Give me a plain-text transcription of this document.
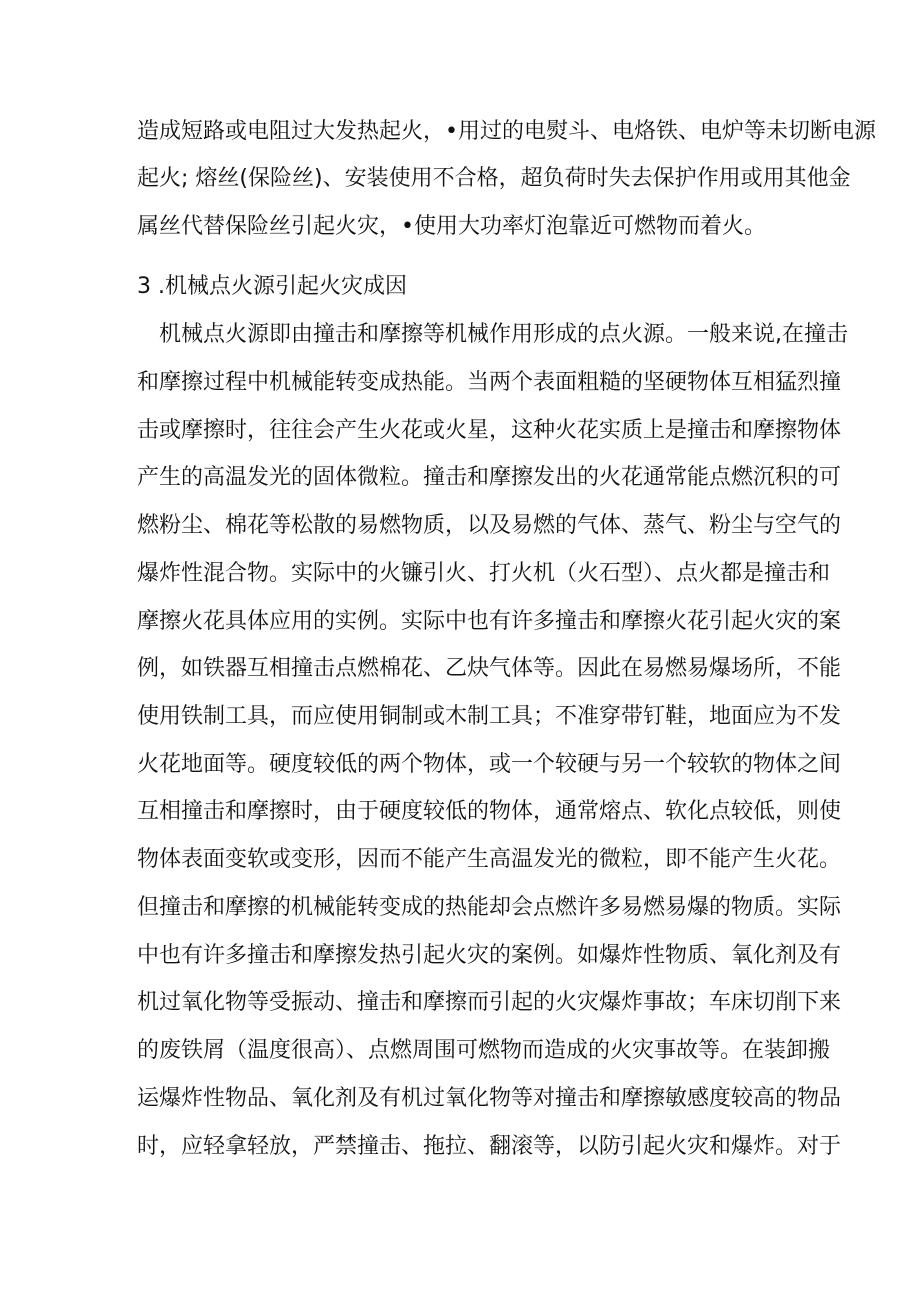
造成短路或电阻过大发热起火，•用过的电熨斗、电烙铁、电炉等未切断电源
起火; 熔丝(保险丝)、安装使用不合格，超负荷时失去保护作用或用其他金
属丝代替保险丝引起火灾，•使用大功率灯泡靠近可燃物而着火。
3 .机械点火源引起火灾成因
机械点火源即由撞击和摩擦等机械作用形成的点火源。一般来说,在撞击
和摩擦过程中机械能转变成热能。当两个表面粗糙的坚硬物体互相猛烈撞
击或摩擦时，往往会产生火花或火星，这种火花实质上是撞击和摩擦物体
产生的高温发光的固体微粒。撞击和摩擦发出的火花通常能点燃沉积的可
燃粉尘、棉花等松散的易燃物质，以及易燃的气体、蒸气、粉尘与空气的
爆炸性混合物。实际中的火镰引火、打火机（火石型）、点火都是撞击和
摩擦火花具体应用的实例。实际中也有许多撞击和摩擦火花引起火灾的案
例，如铁器互相撞击点燃棉花、乙炔气体等。因此在易燃易爆场所，不能
使用铁制工具，而应使用铜制或木制工具；不准穿带钉鞋，地面应为不发
火花地面等。硬度较低的两个物体，或一个较硬与另一个较软的物体之间
互相撞击和摩擦时，由于硬度较低的物体，通常熔点、软化点较低，则使
物体表面变软或变形，因而不能产生高温发光的微粒，即不能产生火花。
但撞击和摩擦的机械能转变成的热能却会点燃许多易燃易爆的物质。实际
中也有许多撞击和摩擦发热引起火灾的案例。如爆炸性物质、氧化剂及有
机过氧化物等受振动、撞击和摩擦而引起的火灾爆炸事故；车床切削下来
的废铁屑（温度很高）、点燃周围可燃物而造成的火灾事故等。在装卸搬
运爆炸性物品、氧化剂及有机过氧化物等对撞击和摩擦敏感度较高的物品
时，应轻拿轻放，严禁撞击、拖拉、翻滚等，以防引起火灾和爆炸。对于
